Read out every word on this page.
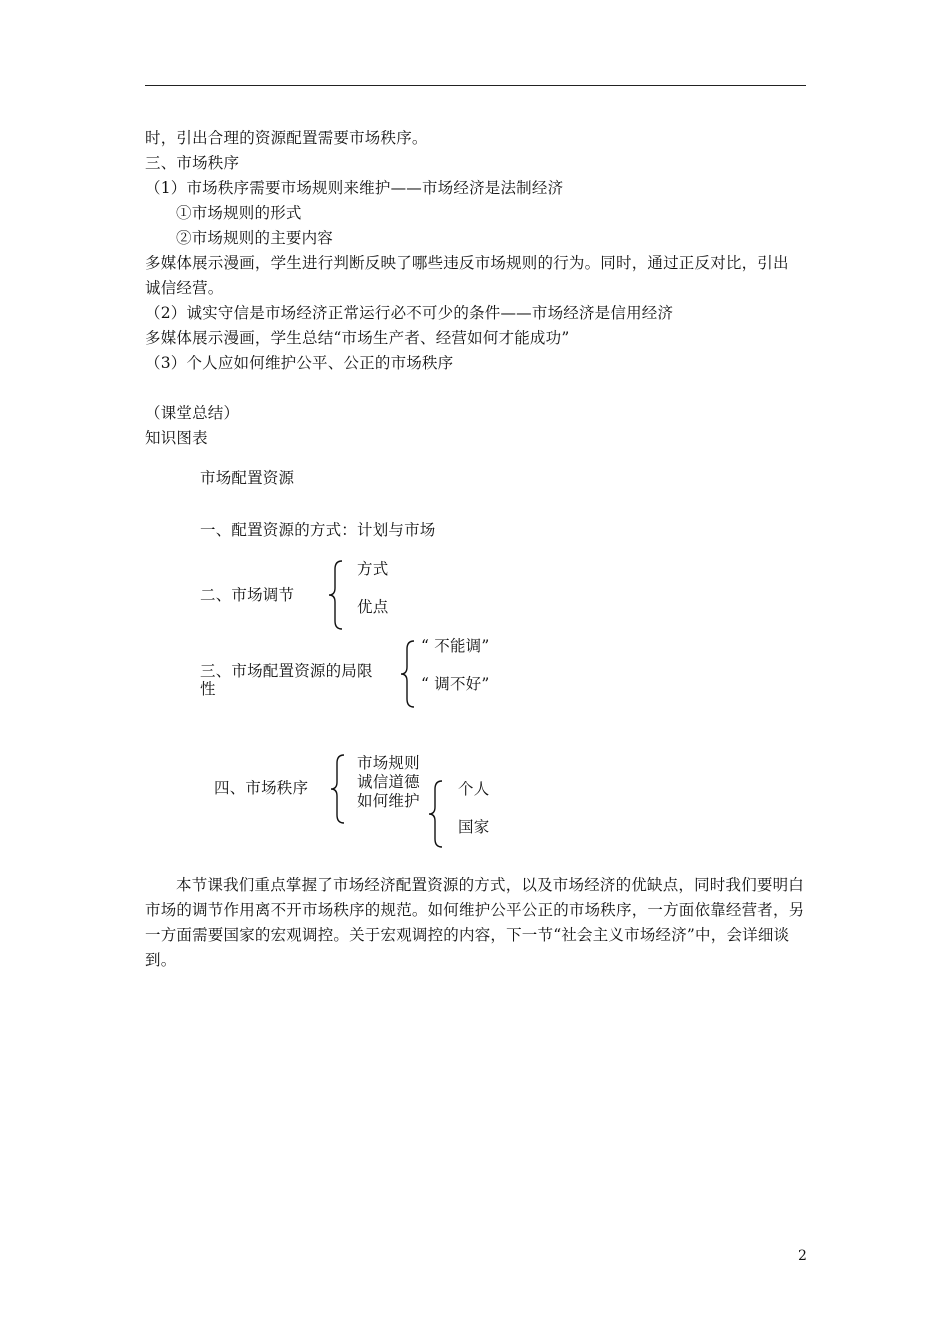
时，引出合理的资源配置需要市场秩序。
三、市场秩序
（1）市场秩序需要市场规则来维护——市场经济是法制经济
①市场规则的形式
②市场规则的主要内容
多媒体展示漫画，学生进行判断反映了哪些违反市场规则的行为。同时，通过正反对比，引出
诚信经营。
（2）诚实守信是市场经济正常运行必不可少的条件——市场经济是信用经济
多媒体展示漫画，学生总结“市场生产者、经营如何才能成功”
（3）个人应如何维护公平、公正的市场秩序
（课堂总结）
知识图表
市场配置资源
一、配置资源的方式：计划与市场
二、市场调节
方式
优点
三、市场配置资源的局限
性
“ 不能调”
“ 调不好”
四、市场秩序
市场规则
诚信道德
如何维护
个人
国家
本节课我们重点掌握了市场经济配置资源的方式，以及市场经济的优缺点，同时我们要明白市场的调节作用离不开市场秩序的规范。如何维护公平公正的市场秩序，一方面依靠经营者，另一方面需要国家的宏观调控。关于宏观调控的内容，下一节“社会主义市场经济”中，会详细谈到。
2
